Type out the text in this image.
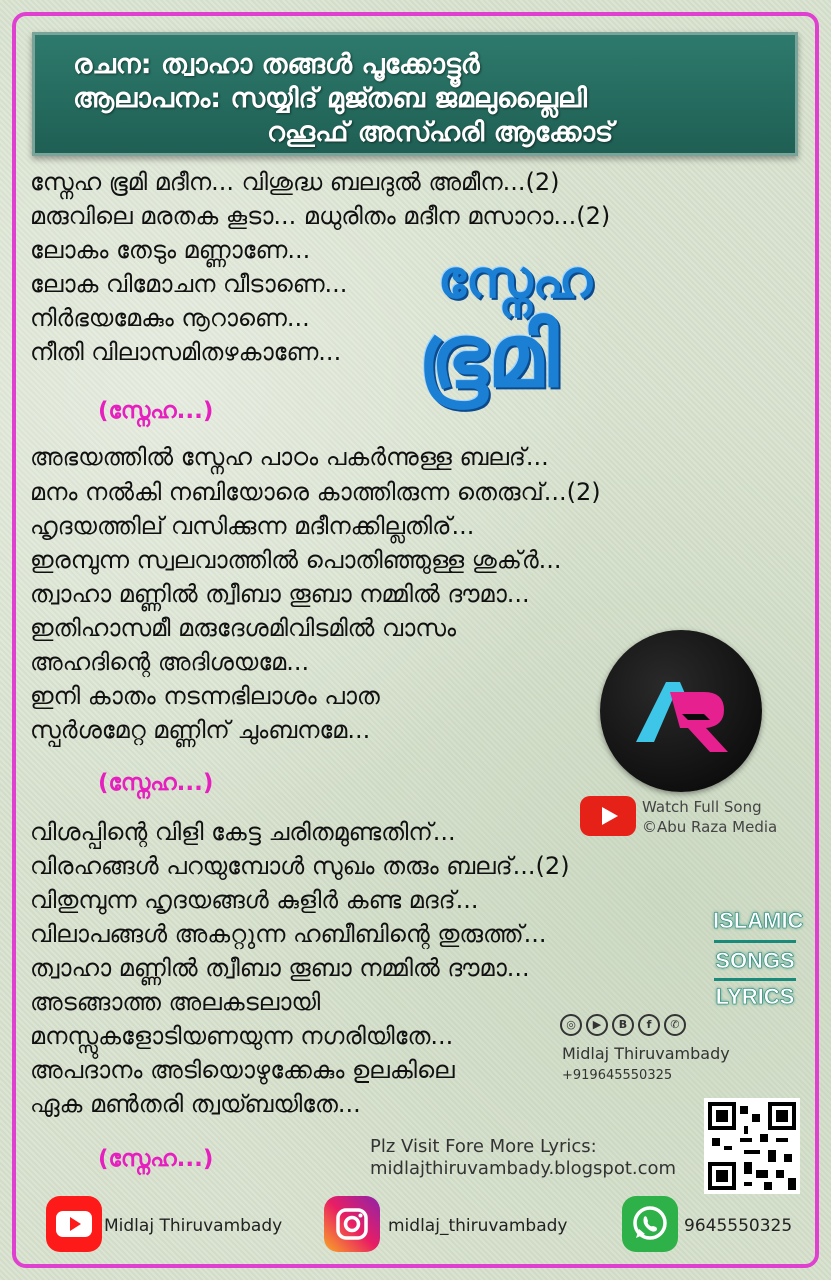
രചന: ത്വാഹാ തങ്ങൾ പൂക്കോട്ടൂർ
ആലാപനം: സയ്യിദ് മുജ്തബ ജമലുല്ലൈലി
റഹൂഫ് അസ്ഹരി ആക്കോട്
സ്നേഹ
ഭൂമി
സ്നേഹ ഭൂമി മദീന... വിശുദ്ധ ബലദുൽ അമീന...(2)
മരുവിലെ മരതക കൂടാ... മധുരിതം മദീന മസാറാ...(2)
ലോകം തേടും മണ്ണാണേ...
ലോക വിമോചന വീടാണെ...
നിർഭയമേകും നൂറാണെ...
നീതി വിലാസമിതഴകാണേ...
(സ്നേഹ...)
അഭയത്തിൽ സ്നേഹ പാഠം പകർന്നുള്ള ബലദ്...
മനം നൽകി നബിയോരെ കാത്തിരുന്ന തെരുവ്...(2)
ഹൃദയത്തില് വസിക്കുന്ന മദീനക്കില്ലതിര്...
ഇരമ്പുന്ന സ്വലവാത്തിൽ പൊതിഞ്ഞുള്ള ശുക്ർ...
ത്വാഹാ മണ്ണിൽ ത്വീബാ തൂബാ നമ്മിൽ ദൗമാ...
ഇതിഹാസമീ മരുദേശമിവിടമിൽ വാസം
അഹദിന്റെ അദിശയമേ...
ഇനി കാതം നടന്നഭിലാശം പാത
സ്പർശമേറ്റ മണ്ണിന് ചുംബനമേ...
(സ്നേഹ...)
വിശപ്പിന്റെ വിളി കേട്ട ചരിതമുണ്ടതിന്...
വിരഹങ്ങൾ പറയുമ്പോൾ സുഖം തരും ബലദ്...(2)
വിതുമ്പുന്ന ഹൃദയങ്ങൾ കുളിർ കണ്ട മദദ്...
വിലാപങ്ങൾ അകറ്റുന്ന ഹബീബിന്റെ തുരുത്ത്...
ത്വാഹാ മണ്ണിൽ ത്വീബാ തൂബാ നമ്മിൽ ദൗമാ...
അടങ്ങാത്ത അലകടലായി
മനസ്സുകളോടിയണയുന്ന നഗരിയിതേ...
അപദാനം അടിയൊഴുക്കേകും ഉലകിലെ
ഏക മൺതരി ത്വയ്ബയിതേ...
(സ്നേഹ...)
Watch Full Song
©Abu Raza Media
ISLAMIC
SONGS
LYRICS
◎	▶	B	f	✆
Midlaj Thiruvambady
+919645550325
Plz Visit Fore More Lyrics:
midlajthiruvambady.blogspot.com
Midlaj Thiruvambady	midlaj_thiruvambady	9645550325
